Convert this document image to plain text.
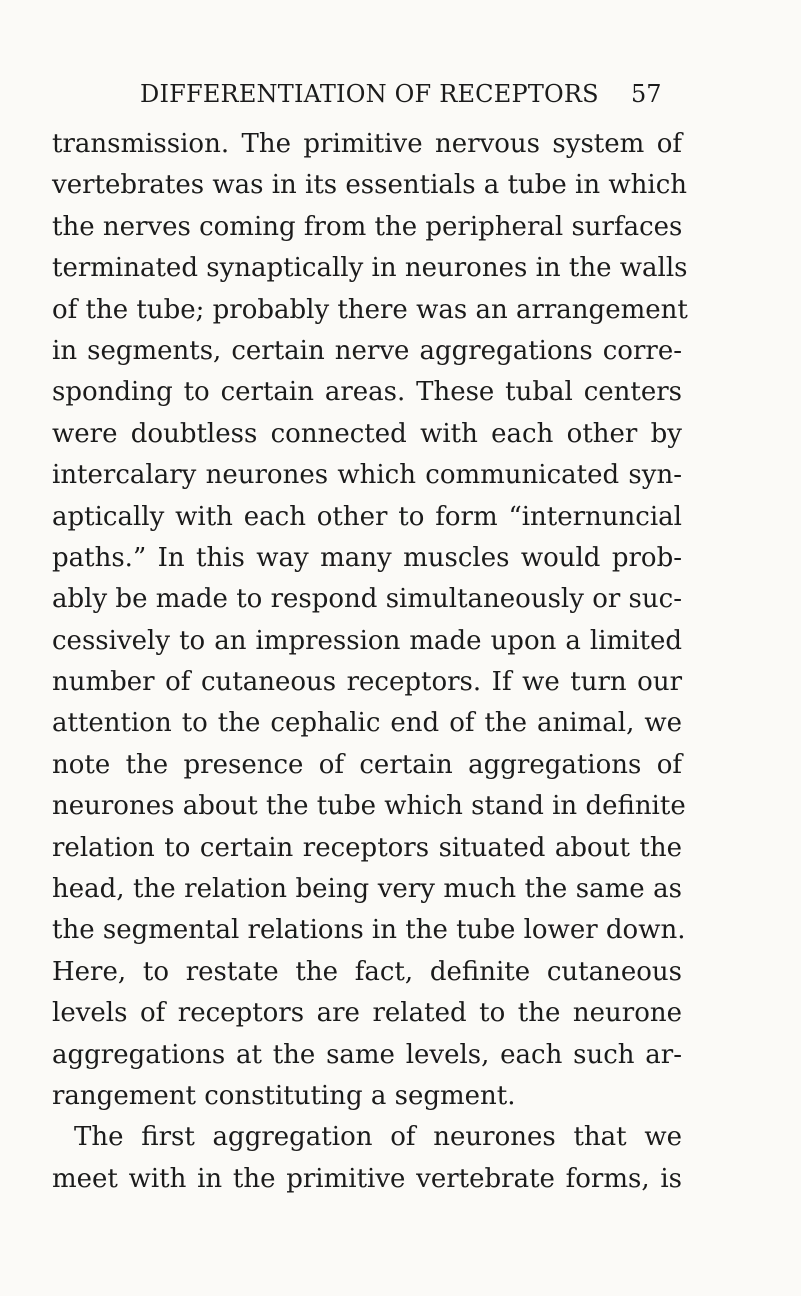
DIFFERENTIATION OF RECEPTORS 57
transmission. The primitive nervous system of
vertebrates was in its essentials a tube in which
the nerves coming from the peripheral surfaces
terminated synaptically in neurones in the walls
of the tube; probably there was an arrangement
in segments, certain nerve aggregations corre-
sponding to certain areas. These tubal centers
were doubtless connected with each other by
intercalary neurones which communicated syn-
aptically with each other to form “internuncial
paths.” In this way many muscles would prob-
ably be made to respond simultaneously or suc-
cessively to an impression made upon a limited
number of cutaneous receptors. If we turn our
attention to the cephalic end of the animal, we
note the presence of certain aggregations of
neurones about the tube which stand in definite
relation to certain receptors situated about the
head, the relation being very much the same as
the segmental relations in the tube lower down.
Here, to restate the fact, definite cutaneous
levels of receptors are related to the neurone
aggregations at the same levels, each such ar-
rangement constituting a segment.
The first aggregation of neurones that we
meet with in the primitive vertebrate forms, is
